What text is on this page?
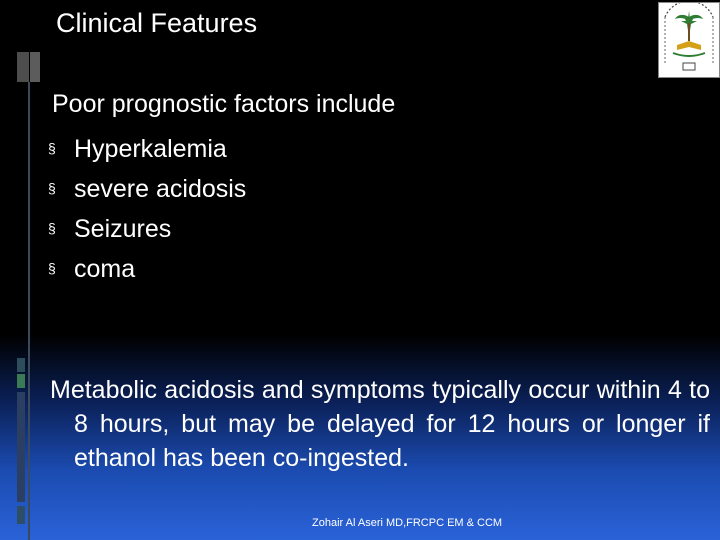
Clinical Features
Poor prognostic factors include
§ Hyperkalemia
§ severe acidosis
§ Seizures
§ coma
Metabolic acidosis and symptoms typically occur within 4 to 8 hours, but may be delayed for 12 hours or longer if ethanol has been co-ingested.
Zohair Al Aseri MD,FRCPC EM & CCM
